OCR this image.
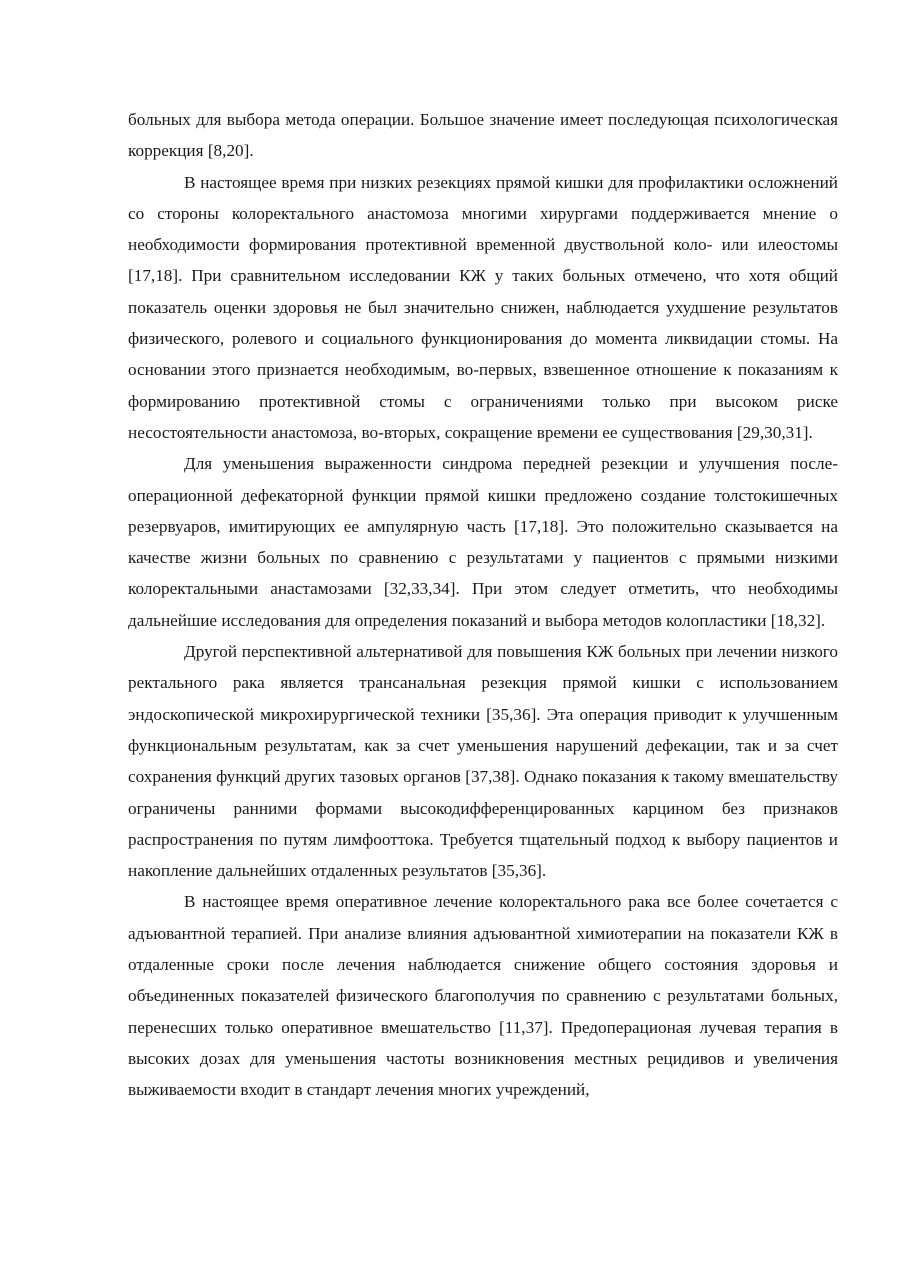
больных для выбора метода операции. Большое значение имеет последующая психологическая коррекция [8,20].

В настоящее время при низких резекциях прямой кишки для профилактики осложнений со стороны колоректального анастомоза многими хирургами поддерживается мнение о необходимости формирования протективной временной двуствольной коло- или илеостомы [17,18]. При сравнительном исследовании КЖ у таких больных отмечено, что хотя общий показатель оценки здоровья не был значительно снижен, наблюдается ухудшение результатов физического, ролевого и социального функционирования до момента ликвидации стомы. На основании этого признается необходимым, во-первых, взвешенное отношение к показаниям к формированию протективной стомы с ограничениями только при высоком риске несостоятельности анастомоза, во-вторых, сокращение времени ее существования [29,30,31].

Для уменьшения выраженности синдрома передней резекции и улучшения послеоперационной дефекаторной функции прямой кишки предложено создание толстокишечных резервуаров, имитирующих ее ампулярную часть [17,18]. Это положительно сказывается на качестве жизни больных по сравнению с результатами у пациентов с прямыми низкими колоректальными анастамозами [32,33,34]. При этом следует отметить, что необходимы дальнейшие исследования для определения показаний и выбора методов колопластики [18,32].

Другой перспективной альтернативой для повышения КЖ больных при лечении низкого ректального рака является трансанальная резекция прямой кишки с использованием эндоскопической микрохирургической техники [35,36]. Эта операция приводит к улучшенным функциональным результатам, как за счет уменьшения нарушений дефекации, так и за счет сохранения функций других тазовых органов [37,38]. Однако показания к такому вмешательству ограничены ранними формами высокодифференцированных карцином без признаков распространения по путям лимфооттока. Требуется тщательный подход к выбору пациентов и накопление дальнейших отдаленных результатов [35,36].

В настоящее время оперативное лечение колоректального рака все более сочетается с адъювантной терапией. При анализе влияния адъювантной химиотерапии на показатели КЖ в отдаленные сроки после лечения наблюдается снижение общего состояния здоровья и объединенных показателей физического благополучия по сравнению с результатами больных, перенесших только оперативное вмешательство [11,37]. Предоперационая лучевая терапия в высоких дозах для уменьшения частоты возникновения местных рецидивов и увеличения выживаемости входит в стандарт лечения многих учреждений,
